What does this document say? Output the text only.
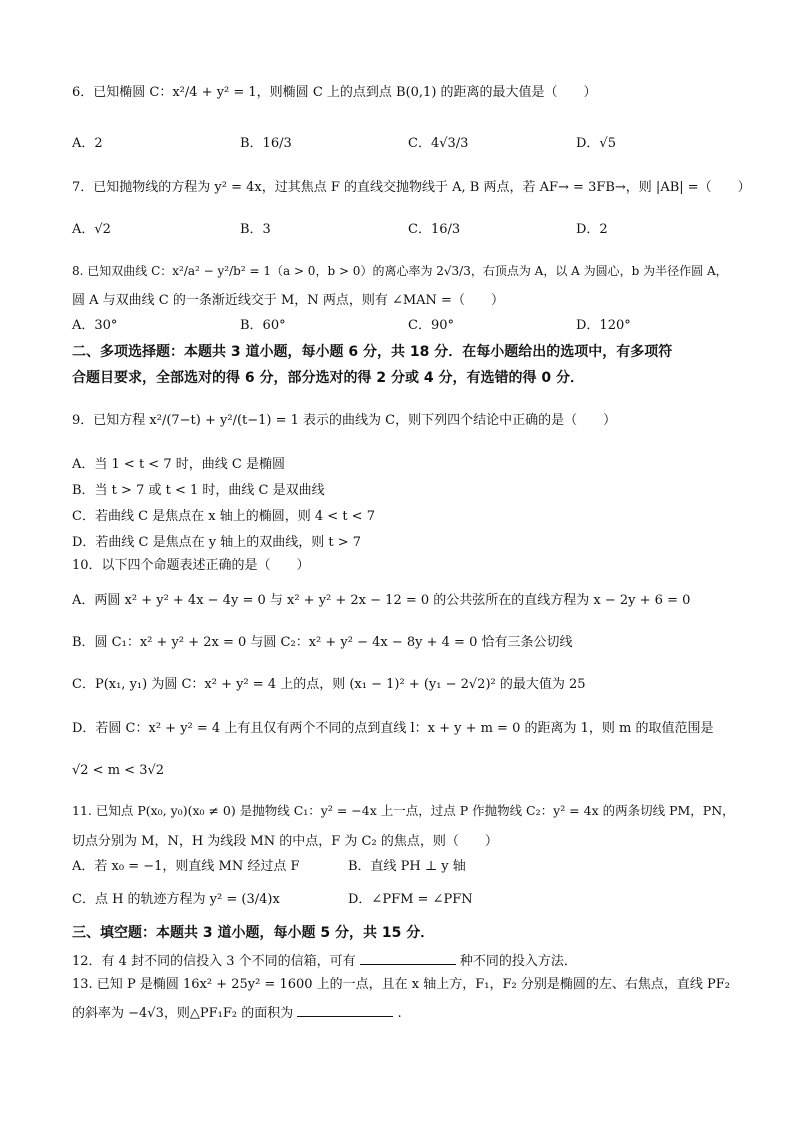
6．已知椭圆 C：x²/4 + y² = 1，则椭圆 C 上的点到点 B(0,1) 的距离的最大值是（　　）
A．2	B．16/3	C．4√3/3	D．√5
7．已知抛物线的方程为 y² = 4x，过其焦点 F 的直线交抛物线于 A, B 两点，若 AF→ = 3FB→，则 |AB| =（　　）
A．√2	B．3	C．16/3	D．2
8. 已知双曲线 C：x²/a² − y²/b² = 1（a > 0，b > 0）的离心率为 2√3/3，右顶点为 A，以 A 为圆心，b 为半径作圆 A，
圆 A 与双曲线 C 的一条渐近线交于 M，N 两点，则有 ∠MAN =（　　）
A．30°	B．60°	C．90°	D．120°
二、多项选择题：本题共 3 道小题，每小题 6 分，共 18 分．在每小题给出的选项中，有多项符
合题目要求，全部选对的得 6 分，部分选对的得 2 分或 4 分，有选错的得 0 分．
9．已知方程 x²/(7−t) + y²/(t−1) = 1 表示的曲线为 C，则下列四个结论中正确的是（　　）
A．当 1 < t < 7 时，曲线 C 是椭圆
B．当 t > 7 或 t < 1 时，曲线 C 是双曲线
C．若曲线 C 是焦点在 x 轴上的椭圆，则 4 < t < 7
D．若曲线 C 是焦点在 y 轴上的双曲线，则 t > 7
10．以下四个命题表述正确的是（　　）
A．两圆 x² + y² + 4x − 4y = 0 与 x² + y² + 2x − 12 = 0 的公共弦所在的直线方程为 x − 2y + 6 = 0
B．圆 C₁：x² + y² + 2x = 0 与圆 C₂：x² + y² − 4x − 8y + 4 = 0 恰有三条公切线
C．P(x₁, y₁) 为圆 C：x² + y² = 4 上的点，则 (x₁ − 1)² + (y₁ − 2√2)² 的最大值为 25
D．若圆 C：x² + y² = 4 上有且仅有两个不同的点到直线 l：x + y + m = 0 的距离为 1，则 m 的取值范围是
√2 < m < 3√2
11. 已知点 P(x₀, y₀)(x₀ ≠ 0) 是抛物线 C₁：y² = −4x 上一点，过点 P 作抛物线 C₂：y² = 4x 的两条切线 PM，PN，
切点分别为 M，N，H 为线段 MN 的中点，F 为 C₂ 的焦点，则（　　）
A．若 x₀ = −1，则直线 MN 经过点 F	B．直线 PH ⊥ y 轴
C．点 H 的轨迹方程为 y² = (3/4)x	D．∠PFM = ∠PFN
三、填空题：本题共 3 道小题，每小题 5 分，共 15 分．
12．有 4 封不同的信投入 3 个不同的信箱，可有	种不同的投入方法．
13. 已知 P 是椭圆 16x² + 25y² = 1600 上的一点，且在 x 轴上方，F₁，F₂ 分别是椭圆的左、右焦点，直线 PF₂
的斜率为 −4√3，则△PF₁F₂ 的面积为	.
